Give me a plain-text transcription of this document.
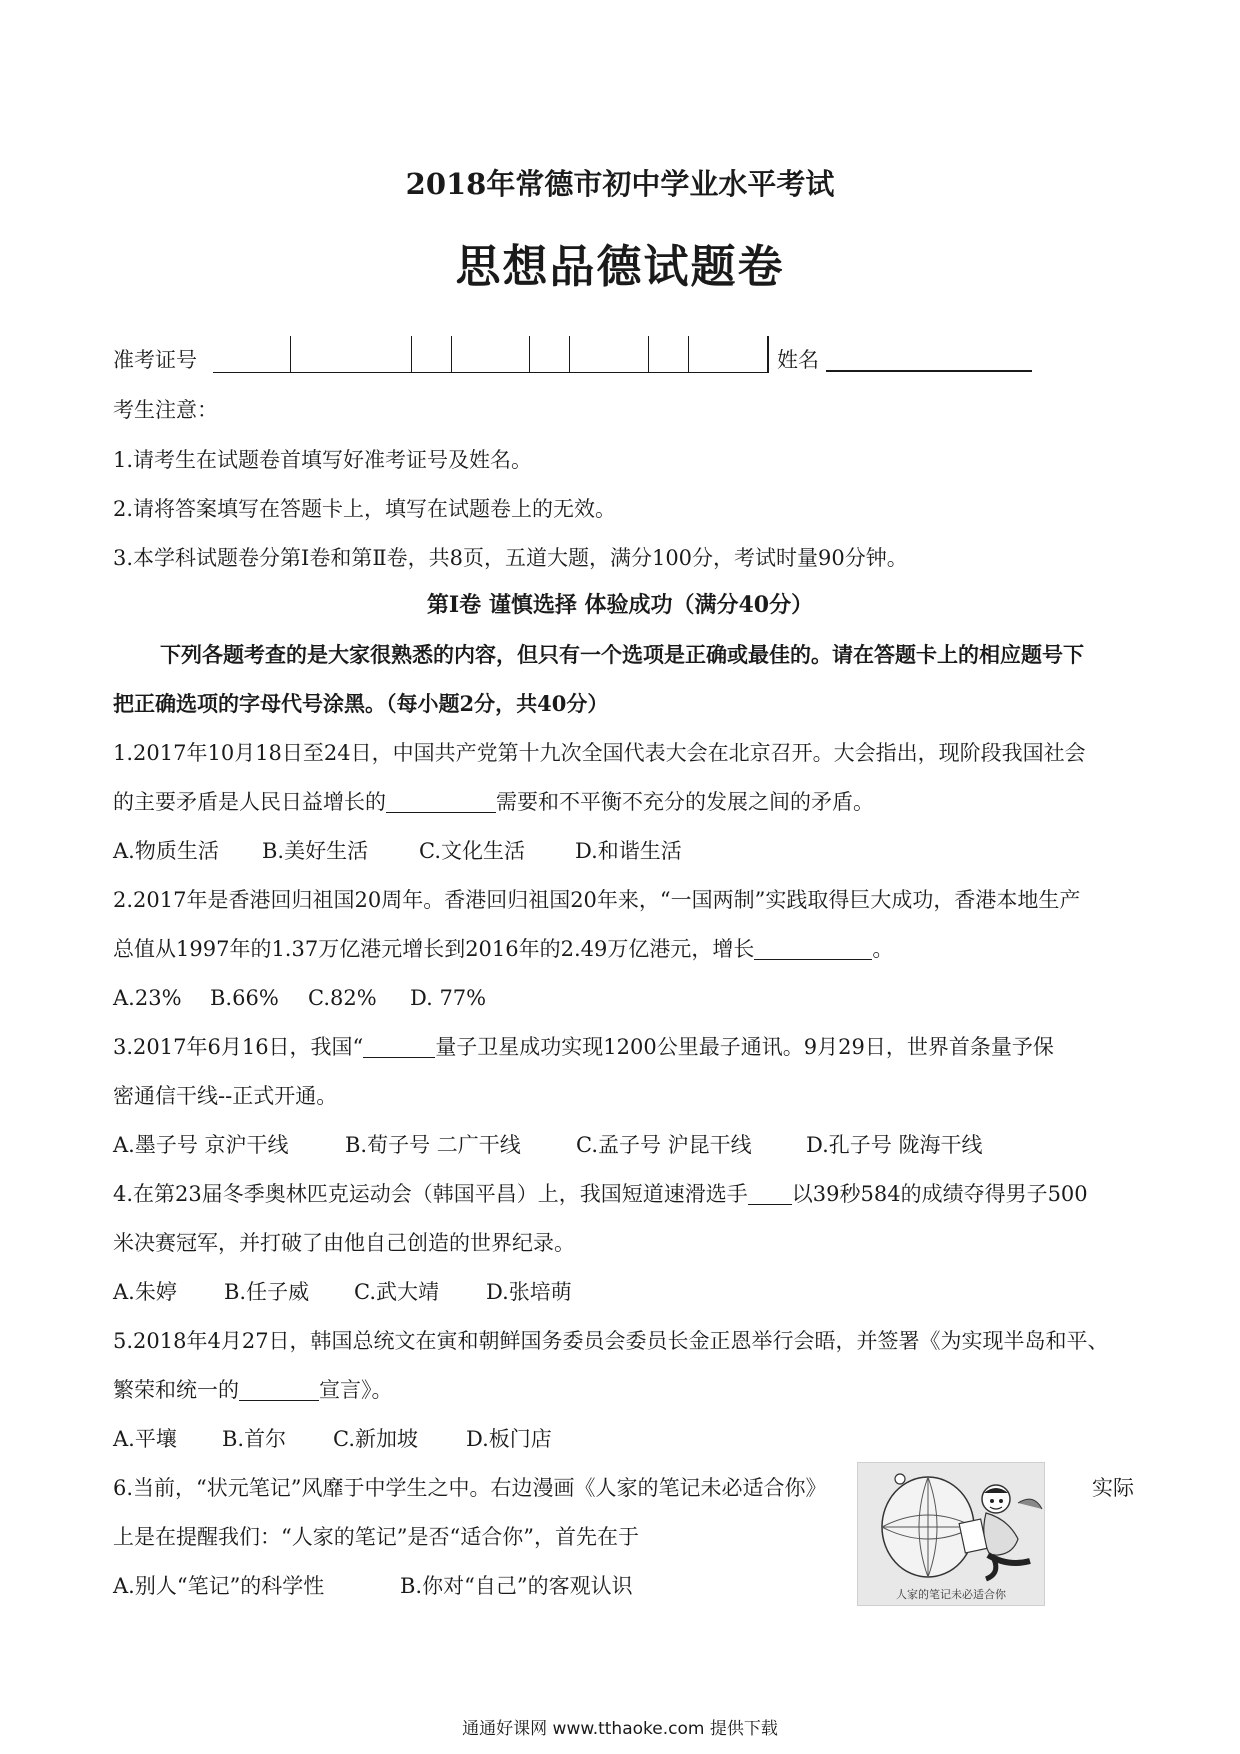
2018年常德市初中学业水平考试
思想品德试题卷
准考证号	姓名
考生注意：
1.请考生在试题卷首填写好准考证号及姓名。
2.请将答案填写在答题卡上，填写在试题卷上的无效。
3.本学科试题卷分第Ⅰ卷和第Ⅱ卷，共8页，五道大题，满分100分，考试时量90分钟。
第Ⅰ卷 谨慎选择 体验成功（满分40分）
下列各题考查的是大家很熟悉的内容，但只有一个选项是正确或最佳的。请在答题卡上的相应题号下
把正确选项的字母代号涂黑。（每小题2分，共40分）
1.2017年10月18日至24日，中国共产党第十九次全国代表大会在北京召开。大会指出，现阶段我国社会
的主要矛盾是人民日益增长的	需要和不平衡不充分的发展之间的矛盾。
A.物质生活 B.美好生活 C.文化生活 D.和谐生活
2.2017年是香港回归祖国20周年。香港回归祖国20年来，“一国两制”实践取得巨大成功，香港本地生产
总值从1997年的1.37万亿港元增长到2016年的2.49万亿港元，增长	。
A.23% B.66% C.82% D. 77%
3.2017年6月16日，我国“	量子卫星成功实现1200公里最子通讯。9月29日，世界首条量予保
密通信干线--正式开通。
A.墨子号 京沪干线	B.荀子号 二广干线	C.孟子号 沪昆干线	D.孔子号 陇海干线
4.在第23届冬季奥林匹克运动会（韩国平昌）上，我国短道速滑选手 以39秒584的成绩夺得男子500
米决赛冠军，并打破了由他自己创造的世界纪录。
A.朱婷 B.任子威 C.武大靖 D.张培萌
5.2018年4月27日，韩国总统文在寅和朝鲜国务委员会委员长金正恩举行会晤，并签署《为实现半岛和平、
繁荣和统一的	宣言》。
A.平壤 B.首尔 C.新加坡 D.板门店
6.当前，“状元笔记”风靡于中学生之中。右边漫画《人家的笔记未必适合你》	实际
上是在提醒我们：“人家的笔记”是否“适合你”，首先在于
A.别人“笔记”的科学性	B.你对“自己”的客观认识	人家的笔记未必适合你
通通好课网 www.tthaoke.com 提供下载
